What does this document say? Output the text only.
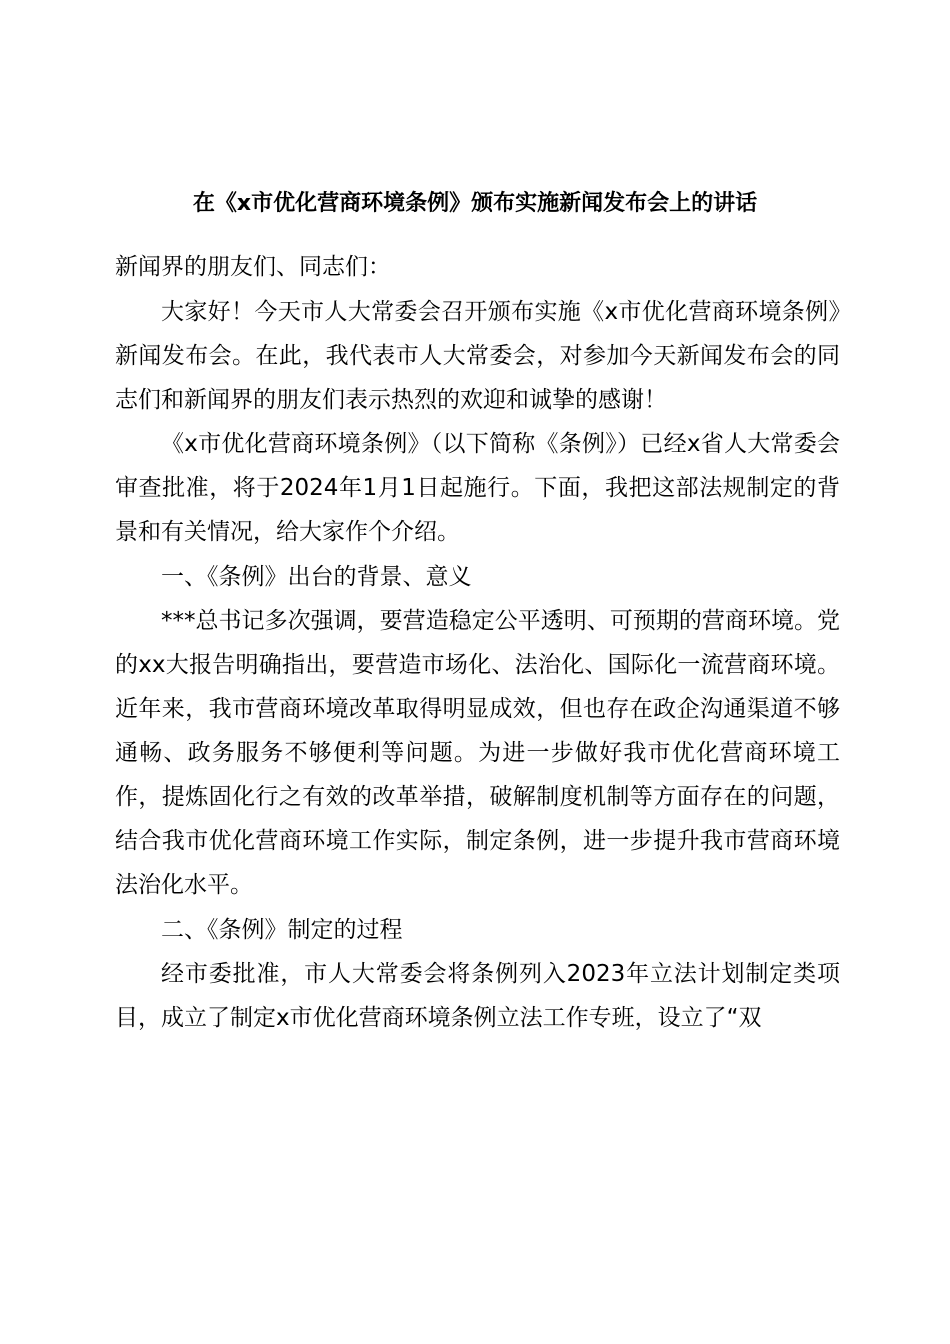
在《x市优化营商环境条例》颁布实施新闻发布会上的讲话

新闻界的朋友们、同志们：

大家好！今天市人大常委会召开颁布实施《x市优化营商环境条例》新闻发布会。在此，我代表市人大常委会，对参加今天新闻发布会的同志们和新闻界的朋友们表示热烈的欢迎和诚挚的感谢！

《x市优化营商环境条例》（以下简称《条例》）已经x省人大常委会审查批准，将于2024年1月1日起施行。下面，我把这部法规制定的背景和有关情况，给大家作个介绍。

一、《条例》出台的背景、意义

***总书记多次强调，要营造稳定公平透明、可预期的营商环境。党的xx大报告明确指出，要营造市场化、法治化、国际化一流营商环境。近年来，我市营商环境改革取得明显成效，但也存在政企沟通渠道不够通畅、政务服务不够便利等问题。为进一步做好我市优化营商环境工作，提炼固化行之有效的改革举措，破解制度机制等方面存在的问题，结合我市优化营商环境工作实际，制定条例，进一步提升我市营商环境法治化水平。

二、《条例》制定的过程

经市委批准，市人大常委会将条例列入2023年立法计划制定类项目，成立了制定x市优化营商环境条例立法工作专班，设立了“双
